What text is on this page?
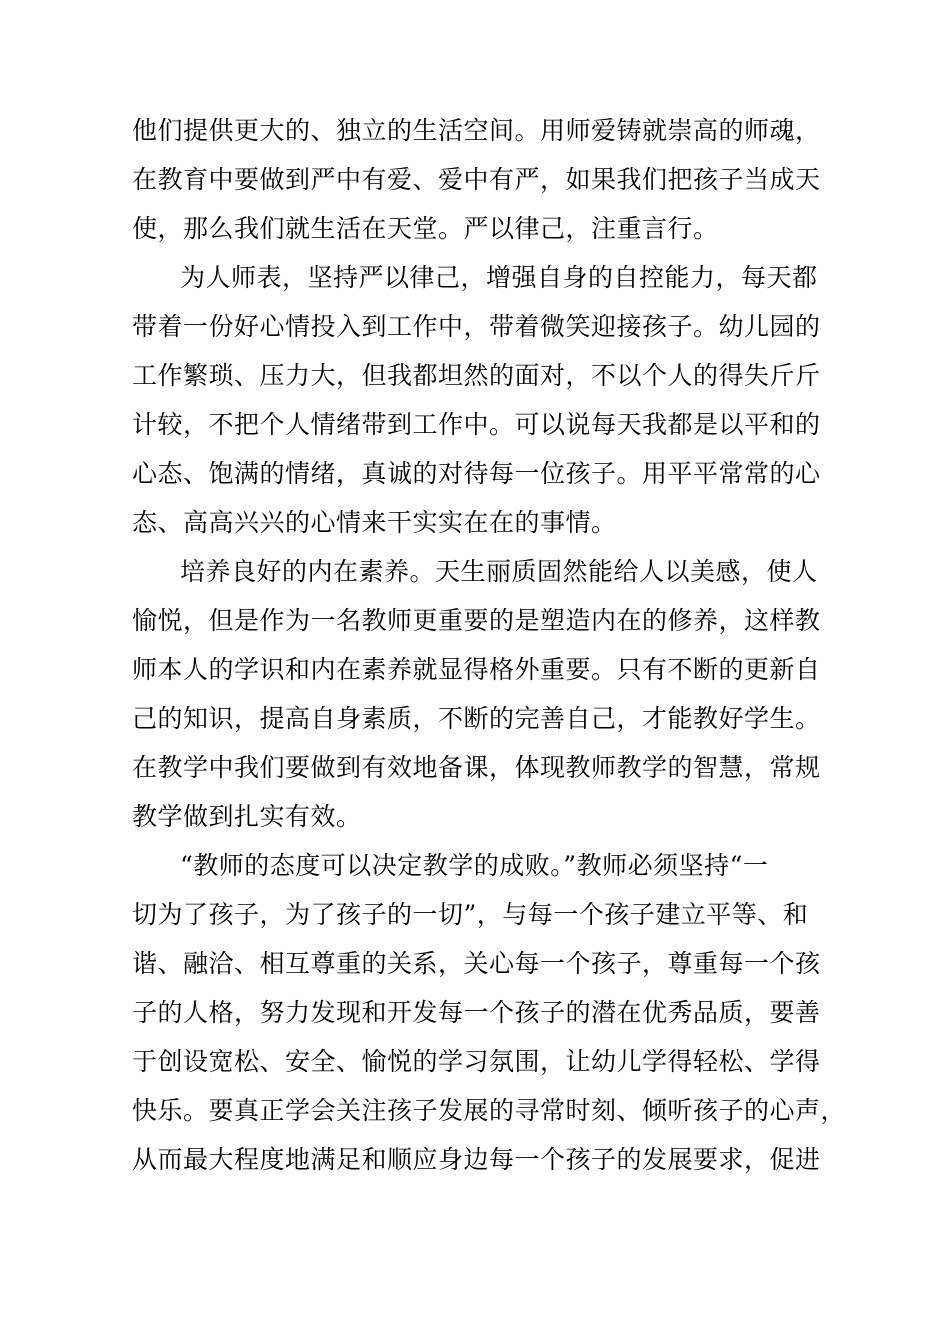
他们提供更大的、独立的生活空间。用师爱铸就崇高的师魂，
在教育中要做到严中有爱、爱中有严，如果我们把孩子当成天
使，那么我们就生活在天堂。严以律己，注重言行。
为人师表，坚持严以律己，增强自身的自控能力，每天都
带着一份好心情投入到工作中，带着微笑迎接孩子。幼儿园的
工作繁琐、压力大，但我都坦然的面对，不以个人的得失斤斤
计较，不把个人情绪带到工作中。可以说每天我都是以平和的
心态、饱满的情绪，真诚的对待每一位孩子。用平平常常的心
态、高高兴兴的心情来干实实在在的事情。
培养良好的内在素养。天生丽质固然能给人以美感，使人
愉悦，但是作为一名教师更重要的是塑造内在的修养，这样教
师本人的学识和内在素养就显得格外重要。只有不断的更新自
己的知识，提高自身素质，不断的完善自己，才能教好学生。
在教学中我们要做到有效地备课，体现教师教学的智慧，常规
教学做到扎实有效。
“教师的态度可以决定教学的成败。”教师必须坚持“一
切为了孩子，为了孩子的一切”，与每一个孩子建立平等、和
谐、融洽、相互尊重的关系，关心每一个孩子，尊重每一个孩
子的人格，努力发现和开发每一个孩子的潜在优秀品质，要善
于创设宽松、安全、愉悦的学习氛围，让幼儿学得轻松、学得
快乐。要真正学会关注孩子发展的寻常时刻、倾听孩子的心声，
从而最大程度地满足和顺应身边每一个孩子的发展要求，促进
